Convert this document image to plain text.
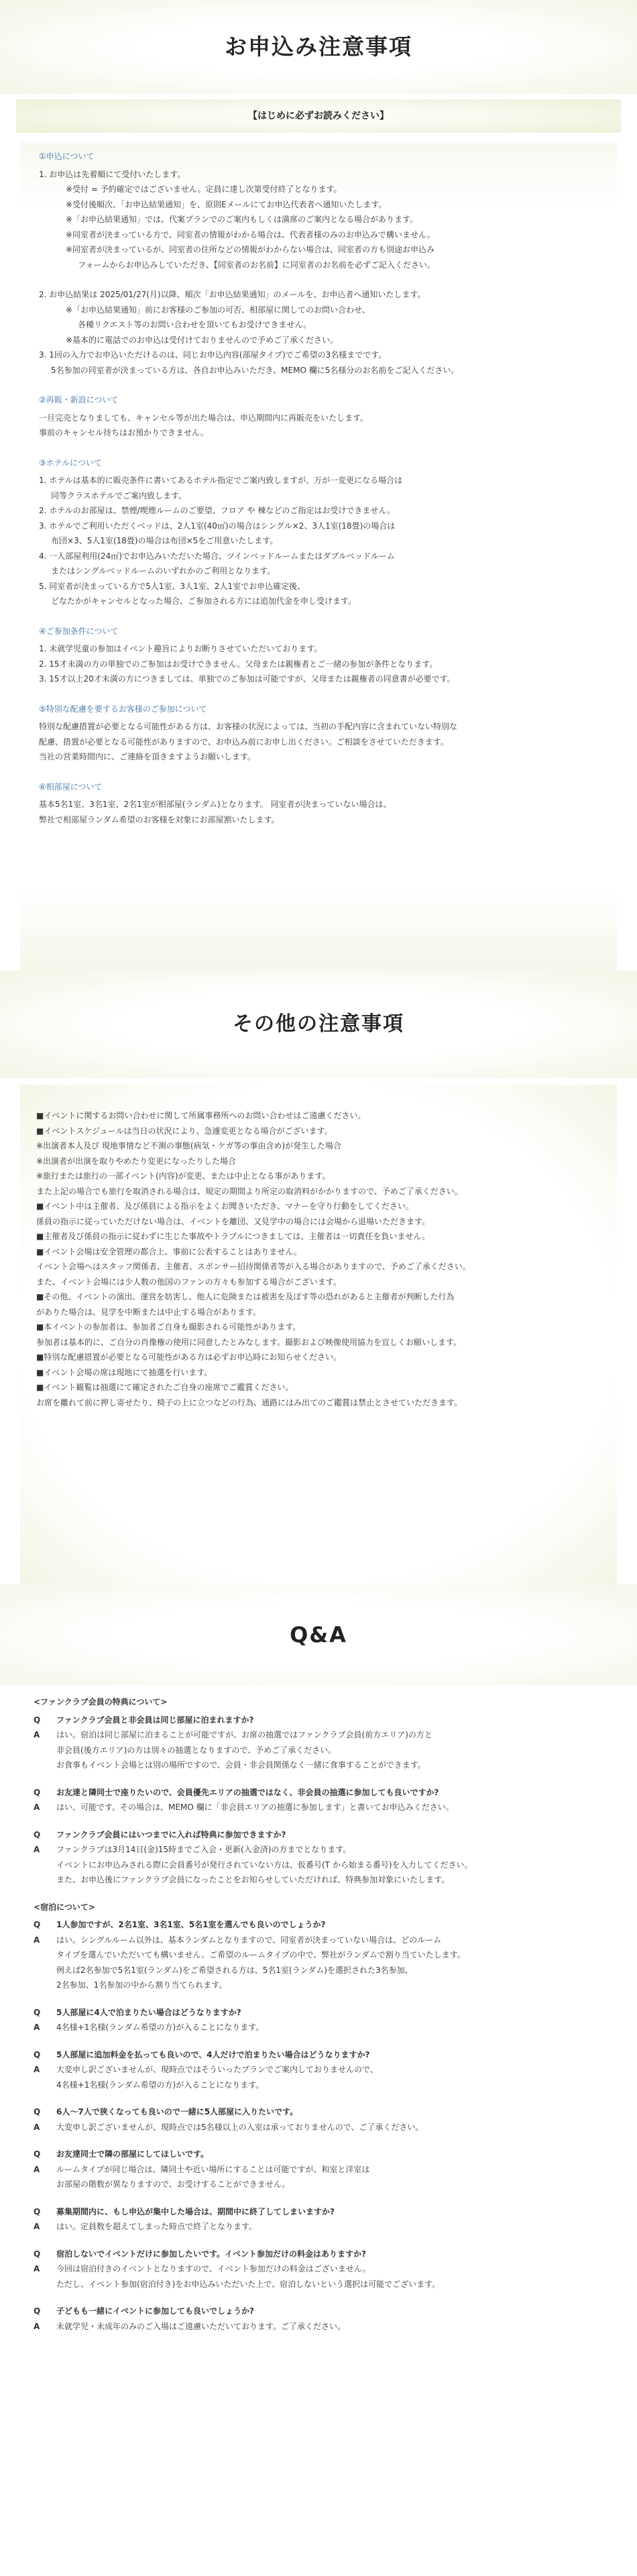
お申込み注意事項
【はじめに必ずお読みください】
①申込について
1. お申込は先着順にて受付いたします。
※受付 = 予約確定ではございません。定員に達し次第受付終了となります。
※受付後順次、「お申込結果通知」を、原則Eメールにてお申込代表者へ通知いたします。
※「お申込結果通知」では、代案プランでのご案内もしくは満席のご案内となる場合があります。
※同室者が決まっている方で、同室者の情報がわかる場合は、代表者様のみのお申込みで構いません。
※同室者が決まっているが、同室者の住所などの情報がわからない場合は、同室者の方も別途お申込み
フォームからお申込みしていただき、【同室者のお名前】に同室者のお名前を必ずご記入ください。
2. お申込結果は 2025/01/27(月)以降、順次「お申込結果通知」のメールを、お申込者へ通知いたします。
※「お申込結果通知」前にお客様のご参加の可否、相部屋に関してのお問い合わせ、
各種リクエスト等のお問い合わせを頂いてもお受けできません。
※基本的に電話でのお申込は受付けておりませんので予めご了承ください。
3. 1回の入力でお申込いただけるのは、同じお申込内容(部屋タイプ)でご希望の3名様までです。
5名参加の同室者が決まっている方は、各自お申込みいただき、MEMO 欄に5名様分のお名前をご記入ください。
②再販・新設について
一旦完売となりましても、キャンセル等が出た場合は、申込期間内に再販売をいたします。
事前のキャンセル待ちはお預かりできません。
③ホテルについて
1. ホテルは基本的に販売条件に書いてあるホテル指定でご案内致しますが、万が一変更になる場合は
同等クラスホテルでご案内致します。
2. ホテルのお部屋は、禁煙/喫煙ルームのご要望、フロア や 棟などのご指定はお受けできません。
3. ホテルでご利用いただくベッドは、2人1室(40㎡)の場合はシングル×2、3人1室(18畳)の場合は
布団×3、5人1室(18畳)の場合は布団×5をご用意いたします。
4. 一人部屋利用(24㎡)でお申込みいただいた場合、ツインベッドルームまたはダブルベッドルーム
またはシングルベッドルームのいずれかのご利用となります。
5. 同室者が決まっている方で5人1室、3人1室、2人1室でお申込確定後、
どなたかがキャンセルとなった場合、ご参加される方には追加代金を申し受けます。
④ご参加条件について
1. 未就学児童の参加はイベント趣旨によりお断りさせていただいております。
2. 15才未満の方の単独でのご参加はお受けできません。父母または親権者とご一緒の参加が条件となります。
3. 15才以上20才未満の方につきましては、単独でのご参加は可能ですが、父母または親権者の同意書が必要です。
⑤特別な配慮を要するお客様のご参加について
特別な配慮措置が必要となる可能性がある方は、お客様の状況によっては、当初の手配内容に含まれていない特別な
配慮、措置が必要となる可能性がありますので、お申込み前にお申し出ください。ご相談をさせていただきます。
当社の営業時間内に、ご連絡を頂きますようお願いします。
⑥相部屋について
基本5名1室、3名1室、2名1室が相部屋(ランダム)となります。 同室者が決まっていない場合は、
弊社で相部屋ランダム希望のお客様を対象にお部屋割いたします。
その他の注意事項
■イベントに関するお問い合わせに関して所属事務所へのお問い合わせはご遠慮ください。
■イベントスケジュールは当日の状況により、急遽変更となる場合がございます。
※出演者本人及び 現地事情など不測の事態(病気・ケガ等の事由含め)が発生した場合
※出演者が出演を取りやめたり変更になったりした場合
※旅行または旅行の一部イベント(内容)が変更、または中止となる事があります。
また上記の場合でも旅行を取消される場合は、規定の期間より所定の取消料がかかりますので、予めご了承ください。
■イベント中は主催者、及び係員による指示をよくお聞きいただき、マナーを守り行動をしてください。
係員の指示に従っていただけない場合は、イベントを離団、又見学中の場合には会場から退場いただきます。
■主催者及び係員の指示に従わずに生じた事故やトラブルにつきましては、主催者は一切責任を負いません。
■イベント会場は安全管理の都合上、事前に公表することはありません。
イベント会場へはスタッフ関係者、主催者、スポンサー招待関係者等が入る場合がありますので、予めご了承ください。
また、イベント会場には少人数の他国のファンの方々も参加する場合がございます。
■その他、イベントの演出、運営を妨害し、他人に危険または被害を及ぼす等の恐れがあると主催者が判断した行為
がありた場合は、見学を中断または中止する場合があります。
■本イベントの参加者は、参加者ご自身も撮影される可能性があります。
参加者は基本的に、ご自分の肖像権の使用に同意したとみなします。撮影および映像使用協力を宜しくお願いします。
■特別な配慮措置が必要となる可能性がある方は必ずお申込時にお知らせください。
■イベント会場の席は現地にて抽選を行います。
■イベント観覧は抽選にて確定されたご自身の座席でご鑑賞ください。
お席を離れて前に押し寄せたり、椅子の上に立つなどの行為、通路にはみ出てのご鑑賞は禁止とさせていただきます。
Q&A
<ファンクラブ会員の特典について>
Q	ファンクラブ会員と非会員は同じ部屋に泊まれますか?
A	はい。宿泊は同じ部屋に泊まることが可能ですが、お席の抽選ではファンクラブ会員(前方エリア)の方と
非会員(後方エリア)の方は別々の抽選となりますので、予めご了承ください。
お食事もイベント会場とは別の場所ですので、会員・非会員関係なく一緒に食事することができます。
Q	お友達と隣同士で座りたいので、会員優先エリアの抽選ではなく、非会員の抽選に参加しても良いですか?
A	はい、可能です。その場合は、MEMO 欄に「非会員エリアの抽選に参加します」と書いてお申込みください。
Q	ファンクラブ会員にはいつまでに入れば特典に参加できますか?
A	ファンクラブは3月14日(金)15時までご入会・更新(入金済)の方までとなります。
イベントにお申込みされる際に会員番号が発行されていない方は、仮番号(T から始まる番号)を入力してください。
また、お申込後にファンクラブ会員になったことをお知らせしていただければ、特典参加対象にいたします。
<宿泊について>
Q	1人参加ですが、2名1室、3名1室、5名1室を選んでも良いのでしょうか?
A	はい。シングルルーム以外は、基本ランダムとなりますので、同室者が決まっていない場合は、どのルーム
タイプを選んでいただいても構いません。ご希望のルームタイプの中で、弊社がランダムで割り当ていたします。
例えば2名参加で5名1室(ランダム)をご希望される方は、5名1室(ランダム)を選択された3名参加、
2名参加、1名参加の中から割り当てられます。
Q	5人部屋に4人で泊まりたい場合はどうなりますか?
A	4名様+1名様(ランダム希望の方)が入ることになります。
Q	5人部屋に追加料金を払っても良いので、4人だけで泊まりたい場合はどうなりますか?
A	大変申し訳ございませんが、現時点ではそういったプランでご案内しておりませんので、
4名様+1名様(ランダム希望の方)が入ることになります。
Q	6人〜7人で狭くなっても良いので一緒に5人部屋に入りたいです。
A	大変申し訳ございませんが、現時点では5名様以上の入室は承っておりませんので、ご了承ください。
Q	お友達同士で隣の部屋にしてほしいです。
A	ルームタイプが同じ場合は、隣同士や近い場所にすることは可能ですが、和室と洋室は
お部屋の階数が異なりますので、お受けすることができません。
Q	募集期間内に、もし申込が集中した場合は、期間中に終了してしまいますか?
A	はい。定員数を超えてしまった時点で終了となります。
Q	宿泊しないでイベントだけに参加したいです。イベント参加だけの料金はありますか?
A	今回は宿泊付きのイベントとなりますので、イベント参加だけの料金はございません。
ただし、イベント参加(宿泊付き)をお申込みいただいた上で、宿泊しないという選択は可能でございます。
Q	子どもも一緒にイベントに参加しても良いでしょうか?
A	未就学児・未成年のみのご入場はご遠慮いただいております。ご了承ください。
